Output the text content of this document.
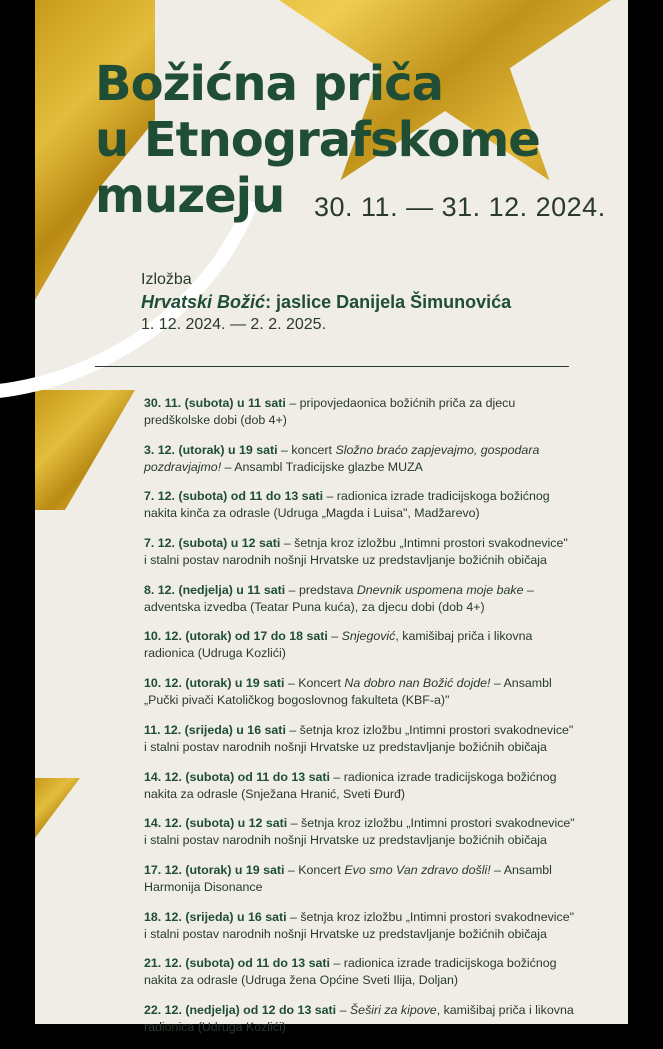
Božićna priča
u Etnografskome
muzeju	30. 11. — 31. 12. 2024.
Izložba
Hrvatski Božić: jaslice Danijela Šimunovića
1. 12. 2024. — 2. 2. 2025.
30. 11. (subota) u 11 sati – pripovjedaonica božićnih priča za djecu
predškolske dobi (dob 4+)
3. 12. (utorak) u 19 sati – koncert Složno braćo zapjevajmo, gospodara
pozdravjajmo! – Ansambl Tradicijske glazbe MUZA
7. 12. (subota) od 11 do 13 sati – radionica izrade tradicijskoga božićnog
nakita kinča za odrasle (Udruga „Magda i Luisa", Madžarevo)
7. 12. (subota) u 12 sati – šetnja kroz izložbu „Intimni prostori svakodnevice"
i stalni postav narodnih nošnji Hrvatske uz predstavljanje božićnih običaja
8. 12. (nedjelja) u 11 sati – predstava Dnevnik uspomena moje bake –
adventska izvedba (Teatar Puna kuća), za djecu dobi (dob 4+)
10. 12. (utorak) od 17 do 18 sati – Snjegović, kamišibaj priča i likovna
radionica (Udruga Kozlići)
10. 12. (utorak) u 19 sati – Koncert Na dobro nan Božić dojde! – Ansambl
„Pučki pivači Katoličkog bogoslovnog fakulteta (KBF-a)"
11. 12. (srijeda) u 16 sati – šetnja kroz izložbu „Intimni prostori svakodnevice"
i stalni postav narodnih nošnji Hrvatske uz predstavljanje božićnih običaja
14. 12. (subota) od 11 do 13 sati – radionica izrade tradicijskoga božićnog
nakita za odrasle (Snježana Hranić, Sveti Đurđ)
14. 12. (subota) u 12 sati – šetnja kroz izložbu „Intimni prostori svakodnevice"
i stalni postav narodnih nošnji Hrvatske uz predstavljanje božićnih običaja
17. 12. (utorak) u 19 sati – Koncert Evo smo Van zdravo došli! – Ansambl
Harmonija Disonance
18. 12. (srijeda) u 16 sati – šetnja kroz izložbu „Intimni prostori svakodnevice"
i stalni postav narodnih nošnji Hrvatske uz predstavljanje božićnih običaja
21. 12. (subota) od 11 do 13 sati – radionica izrade tradicijskoga božićnog
nakita za odrasle (Udruga žena Općine Sveti Ilija, Doljan)
22. 12. (nedjelja) od 12 do 13 sati – Šeširi za kipove, kamišibaj priča i likovna
radionica (Udruga Kozlići)
